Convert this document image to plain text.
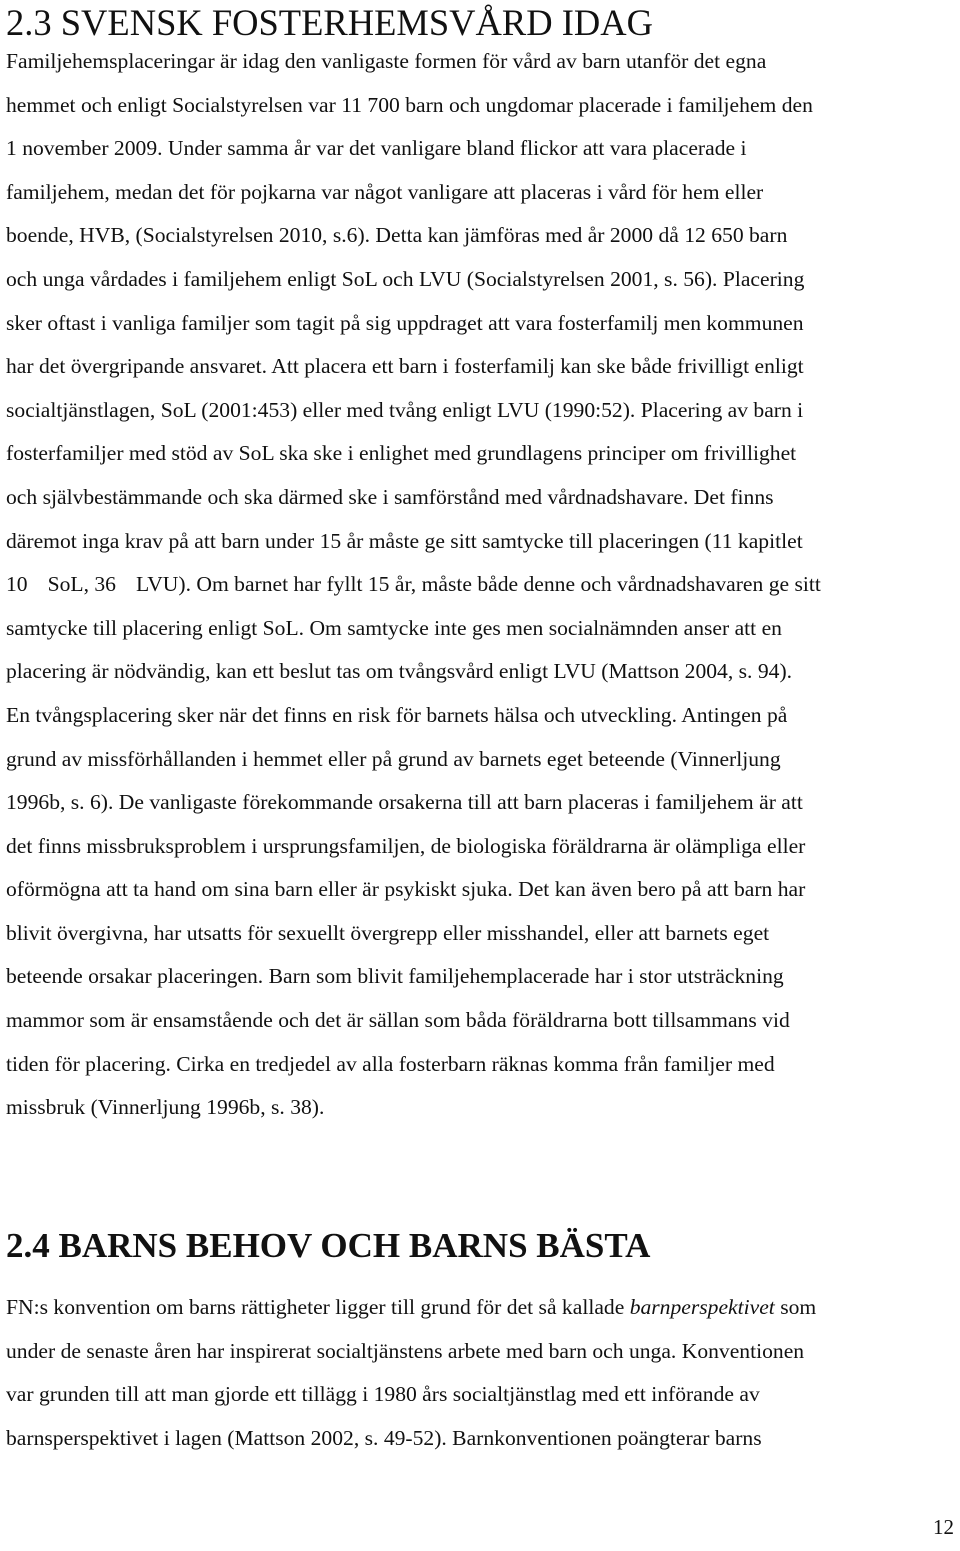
2.3 SVENSK FOSTERHEMSVÅRD IDAG

Familjehemsplaceringar är idag den vanligaste formen för vård av barn utanför det egna
hemmet och enligt Socialstyrelsen var 11 700 barn och ungdomar placerade i familjehem den
1 november 2009. Under samma år var det vanligare bland flickor att vara placerade i
familjehem, medan det för pojkarna var något vanligare att placeras i vård för hem eller
boende, HVB, (Socialstyrelsen 2010, s.6). Detta kan jämföras med år 2000 då 12 650 barn
och unga vårdades i familjehem enligt SoL och LVU (Socialstyrelsen 2001, s. 56). Placering
sker oftast i vanliga familjer som tagit på sig uppdraget att vara fosterfamilj men kommunen
har det övergripande ansvaret. Att placera ett barn i fosterfamilj kan ske både frivilligt enligt
socialtjänstlagen, SoL (2001:453) eller med tvång enligt LVU (1990:52). Placering av barn i
fosterfamiljer med stöd av SoL ska ske i enlighet med grundlagens principer om frivillighet
och självbestämmande och ska därmed ske i samförstånd med vårdnadshavare. Det finns
däremot inga krav på att barn under 15 år måste ge sitt samtycke till placeringen (11 kapitlet
10 SoL, 36 LVU). Om barnet har fyllt 15 år, måste både denne och vårdnadshavaren ge sitt
samtycke till placering enligt SoL. Om samtycke inte ges men socialnämnden anser att en
placering är nödvändig, kan ett beslut tas om tvångsvård enligt LVU (Mattson 2004, s. 94).
En tvångsplacering sker när det finns en risk för barnets hälsa och utveckling. Antingen på
grund av missförhållanden i hemmet eller på grund av barnets eget beteende (Vinnerljung
1996b, s. 6). De vanligaste förekommande orsakerna till att barn placeras i familjehem är att
det finns missbruksproblem i ursprungsfamiljen, de biologiska föräldrarna är olämpliga eller
oförmögna att ta hand om sina barn eller är psykiskt sjuka. Det kan även bero på att barn har
blivit övergivna, har utsatts för sexuellt övergrepp eller misshandel, eller att barnets eget
beteende orsakar placeringen. Barn som blivit familjehemplacerade har i stor utsträckning
mammor som är ensamstående och det är sällan som båda föräldrarna bott tillsammans vid
tiden för placering. Cirka en tredjedel av alla fosterbarn räknas komma från familjer med
missbruk (Vinnerljung 1996b, s. 38).

2.4 BARNS BEHOV OCH BARNS BÄSTA

FN:s konvention om barns rättigheter ligger till grund för det så kallade barnperspektivet som
under de senaste åren har inspirerat socialtjänstens arbete med barn och unga. Konventionen
var grunden till att man gjorde ett tillägg i 1980 års socialtjänstlag med ett införande av
barnsperspektivet i lagen (Mattson 2002, s. 49-52). Barnkonventionen poängterar barns

12
